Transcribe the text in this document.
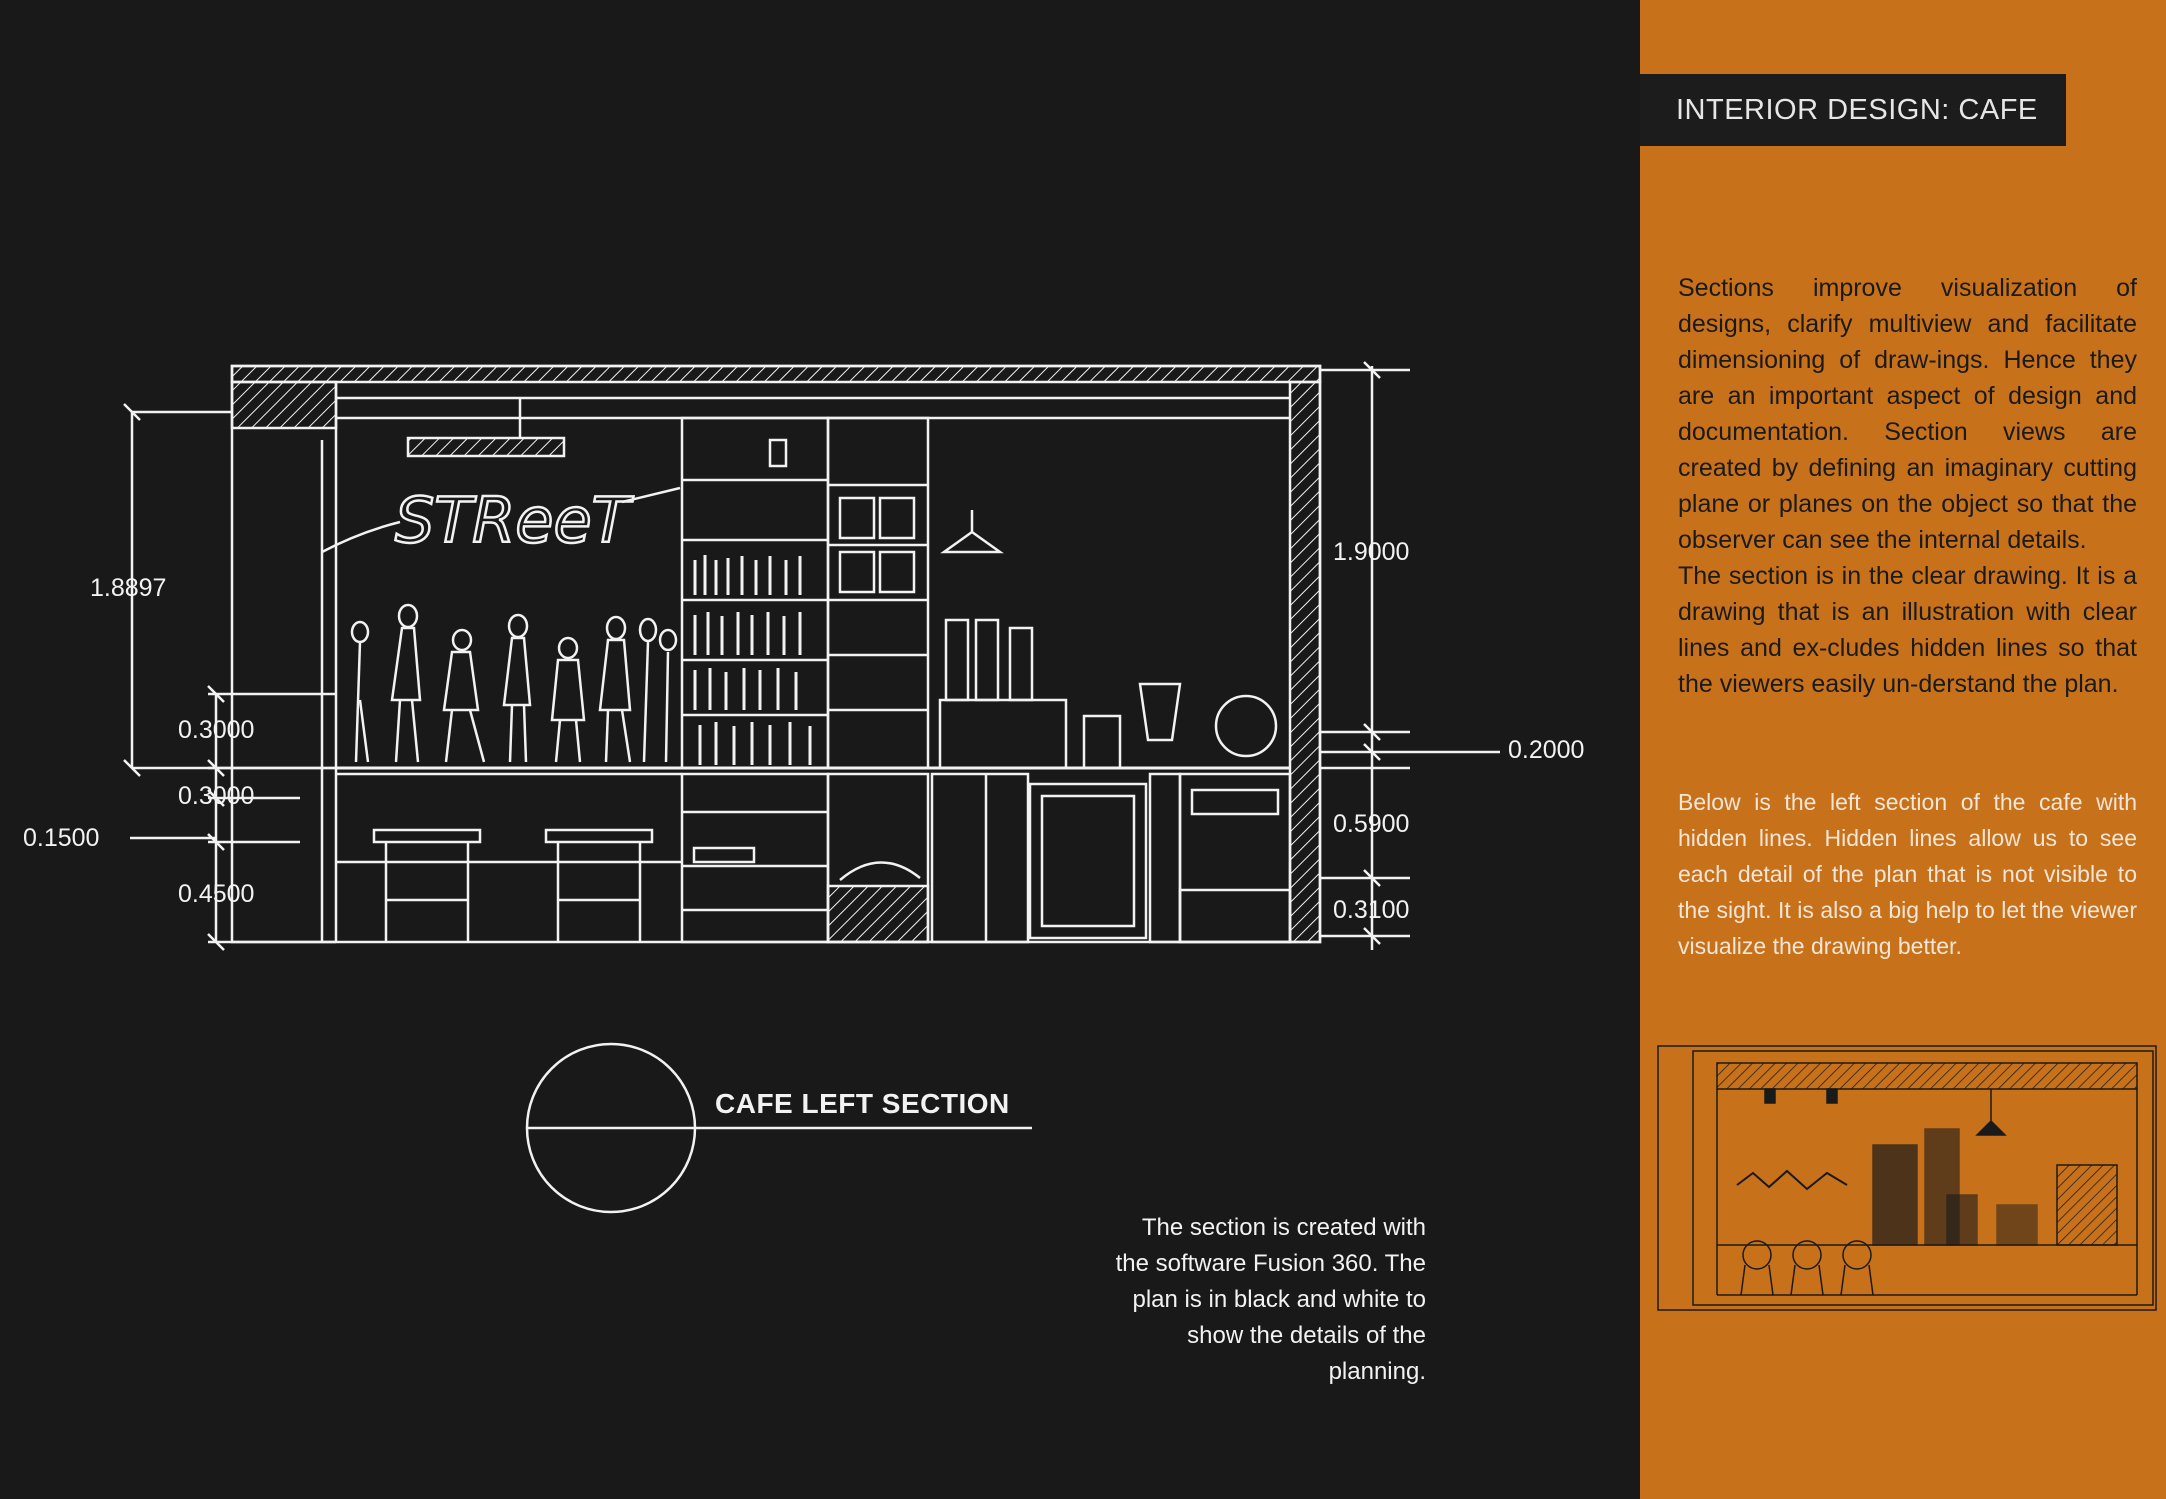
STReeT
1.8897
0.3000
0.3000
0.1500
0.4500
1.9000
0.2000
0.5900
0.3100
CAFE LEFT SECTION

The section is created with the software Fusion 360. The plan is in black and white to show the details of the planning.

INTERIOR DESIGN: CAFE

Sections improve visualization of designs, clarify multiview and facilitate dimensioning of draw-ings. Hence they are an important aspect of design and documentation. Section views are created by defining an imaginary cutting plane or planes on the object so that the observer can see the internal details.

The section is in the clear drawing. It is a drawing that is an illustration with clear lines and ex-cludes hidden lines so that the viewers easily un-derstand the plan.

Below is the left section of the cafe with hidden lines. Hidden lines allow us to see each detail of the plan that is not visible to the sight. It is also a big help to let the viewer visualize the drawing better.
